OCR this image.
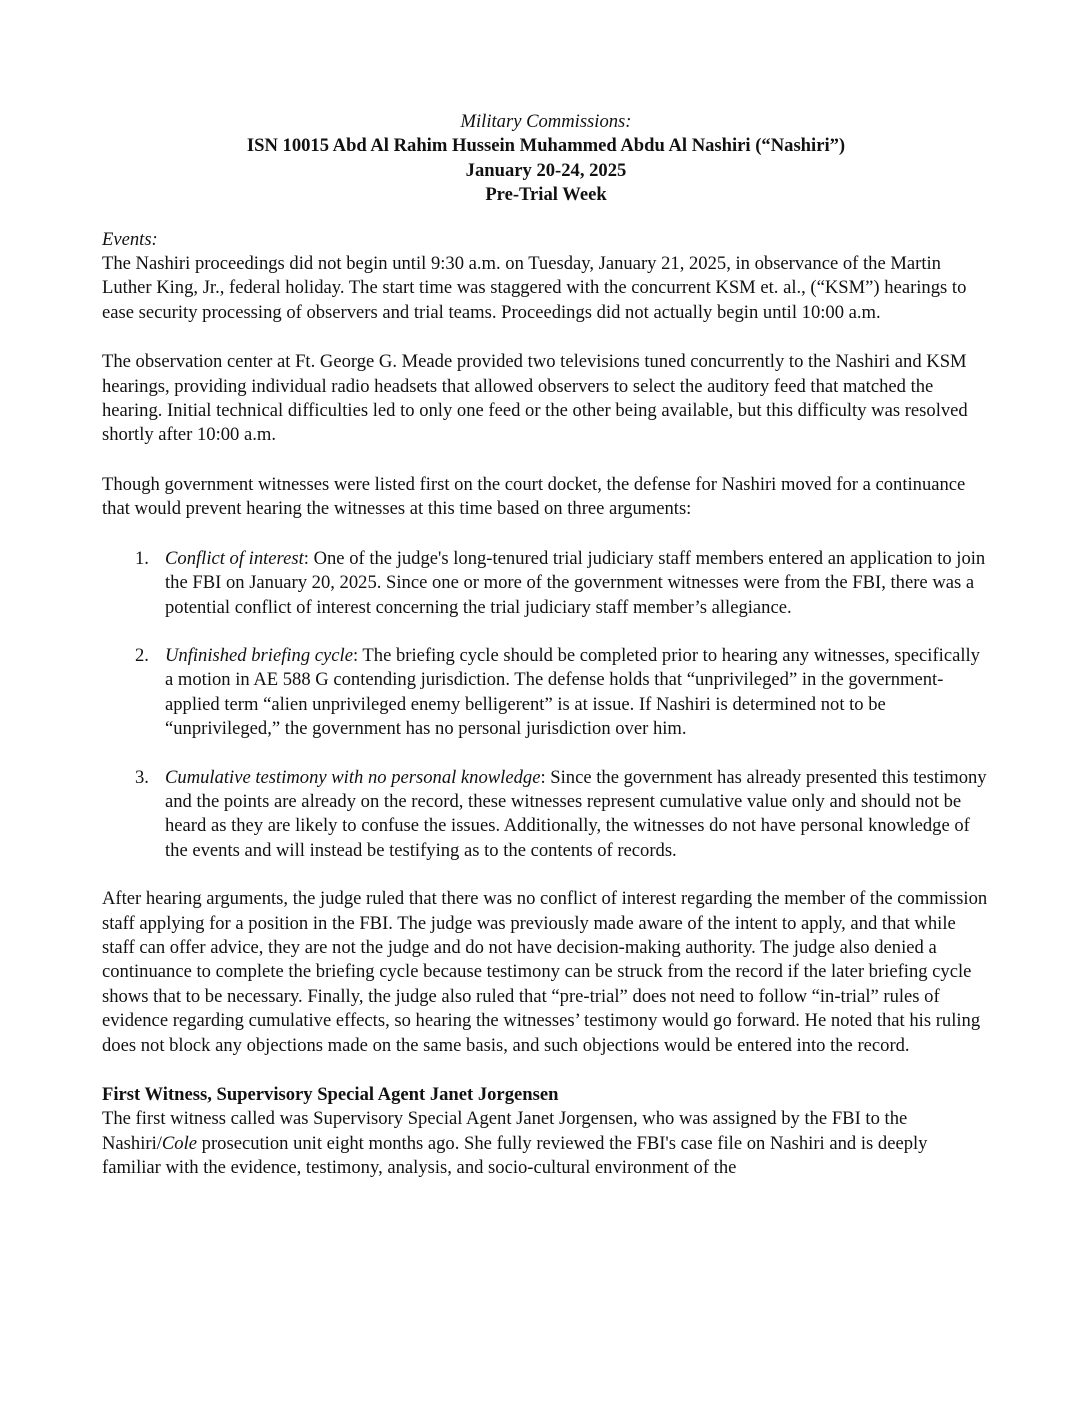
Military Commissions:
ISN 10015 Abd Al Rahim Hussein Muhammed Abdu Al Nashiri (“Nashiri”)
January 20-24, 2025
Pre-Trial Week
Events:

The Nashiri proceedings did not begin until 9:30 a.m. on Tuesday, January 21, 2025, in observance of the Martin Luther King, Jr., federal holiday. The start time was staggered with the concurrent KSM et. al., (“KSM”) hearings to ease security processing of observers and trial teams. Proceedings did not actually begin until 10:00 a.m.

The observation center at Ft. George G. Meade provided two televisions tuned concurrently to the Nashiri and KSM hearings, providing individual radio headsets that allowed observers to select the auditory feed that matched the hearing. Initial technical difficulties led to only one feed or the other being available, but this difficulty was resolved shortly after 10:00 a.m.

Though government witnesses were listed first on the court docket, the defense for Nashiri moved for a continuance that would prevent hearing the witnesses at this time based on three arguments:

1. Conflict of interest: One of the judge's long-tenured trial judiciary staff members entered an application to join the FBI on January 20, 2025. Since one or more of the government witnesses were from the FBI, there was a potential conflict of interest concerning the trial judiciary staff member’s allegiance.
2. Unfinished briefing cycle: The briefing cycle should be completed prior to hearing any witnesses, specifically a motion in AE 588 G contending jurisdiction. The defense holds that “unprivileged” in the government-applied term “alien unprivileged enemy belligerent” is at issue. If Nashiri is determined not to be “unprivileged,” the government has no personal jurisdiction over him.
3. Cumulative testimony with no personal knowledge: Since the government has already presented this testimony and the points are already on the record, these witnesses represent cumulative value only and should not be heard as they are likely to confuse the issues. Additionally, the witnesses do not have personal knowledge of the events and will instead be testifying as to the contents of records.

After hearing arguments, the judge ruled that there was no conflict of interest regarding the member of the commission staff applying for a position in the FBI. The judge was previously made aware of the intent to apply, and that while staff can offer advice, they are not the judge and do not have decision-making authority. The judge also denied a continuance to complete the briefing cycle because testimony can be struck from the record if the later briefing cycle shows that to be necessary. Finally, the judge also ruled that “pre-trial” does not need to follow “in-trial” rules of evidence regarding cumulative effects, so hearing the witnesses’ testimony would go forward. He noted that his ruling does not block any objections made on the same basis, and such objections would be entered into the record.

First Witness, Supervisory Special Agent Janet Jorgensen

The first witness called was Supervisory Special Agent Janet Jorgensen, who was assigned by the FBI to the Nashiri/Cole prosecution unit eight months ago. She fully reviewed the FBI's case file on Nashiri and is deeply familiar with the evidence, testimony, analysis, and socio-cultural environment of the
